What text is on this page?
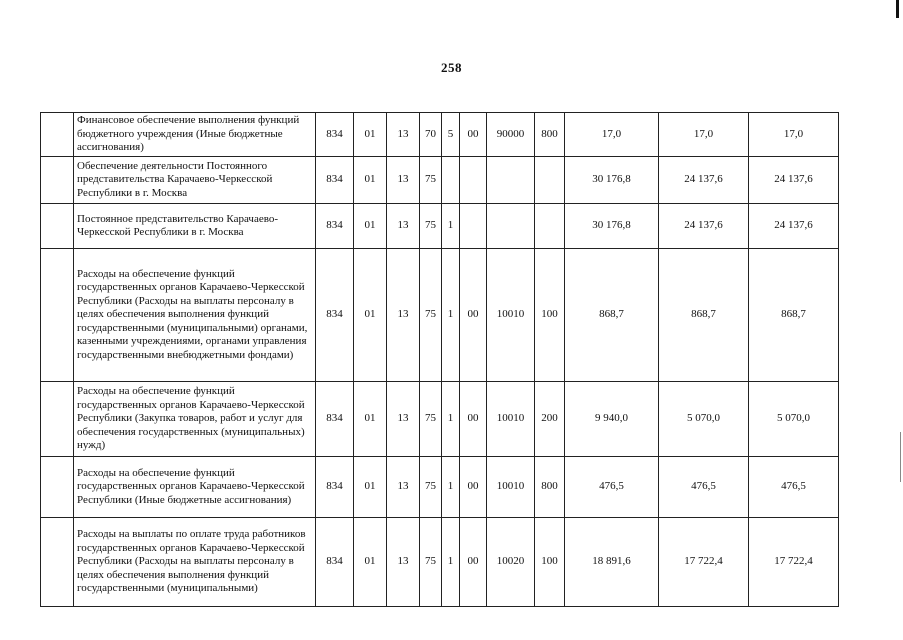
258
	Финансовое обеспечение выполнения функций бюджетного учреждения (Иные бюджетные ассигнования)	834	01	13	70	5	00	90000	800	17,0	17,0	17,0
	Обеспечение деятельности Постоянного представительства Карачаево-Черкесской Республики в г. Москва	834	01	13	75					30 176,8	24 137,6	24 137,6
	Постоянное представительство Карачаево-Черкесской Республики в г. Москва	834	01	13	75	1				30 176,8	24 137,6	24 137,6
	Расходы на обеспечение функций государственных органов Карачаево-Черкесской Республики (Расходы на выплаты персоналу в целях обеспечения выполнения функций государственными (муниципальными) органами, казенными учреждениями, органами управления государственными внебюджетными фондами)	834	01	13	75	1	00	10010	100	868,7	868,7	868,7
	Расходы на обеспечение функций государственных органов Карачаево-Черкесской Республики (Закупка товаров, работ и услуг для обеспечения государственных (муниципальных) нужд)	834	01	13	75	1	00	10010	200	9 940,0	5 070,0	5 070,0
	Расходы на обеспечение функций государственных органов Карачаево-Черкесской Республики (Иные бюджетные ассигнования)	834	01	13	75	1	00	10010	800	476,5	476,5	476,5
	Расходы на выплаты по оплате труда работников государственных органов Карачаево-Черкесской Республики (Расходы на выплаты персоналу в целях обеспечения выполнения функций государственными (муниципальными)	834	01	13	75	1	00	10020	100	18 891,6	17 722,4	17 722,4
